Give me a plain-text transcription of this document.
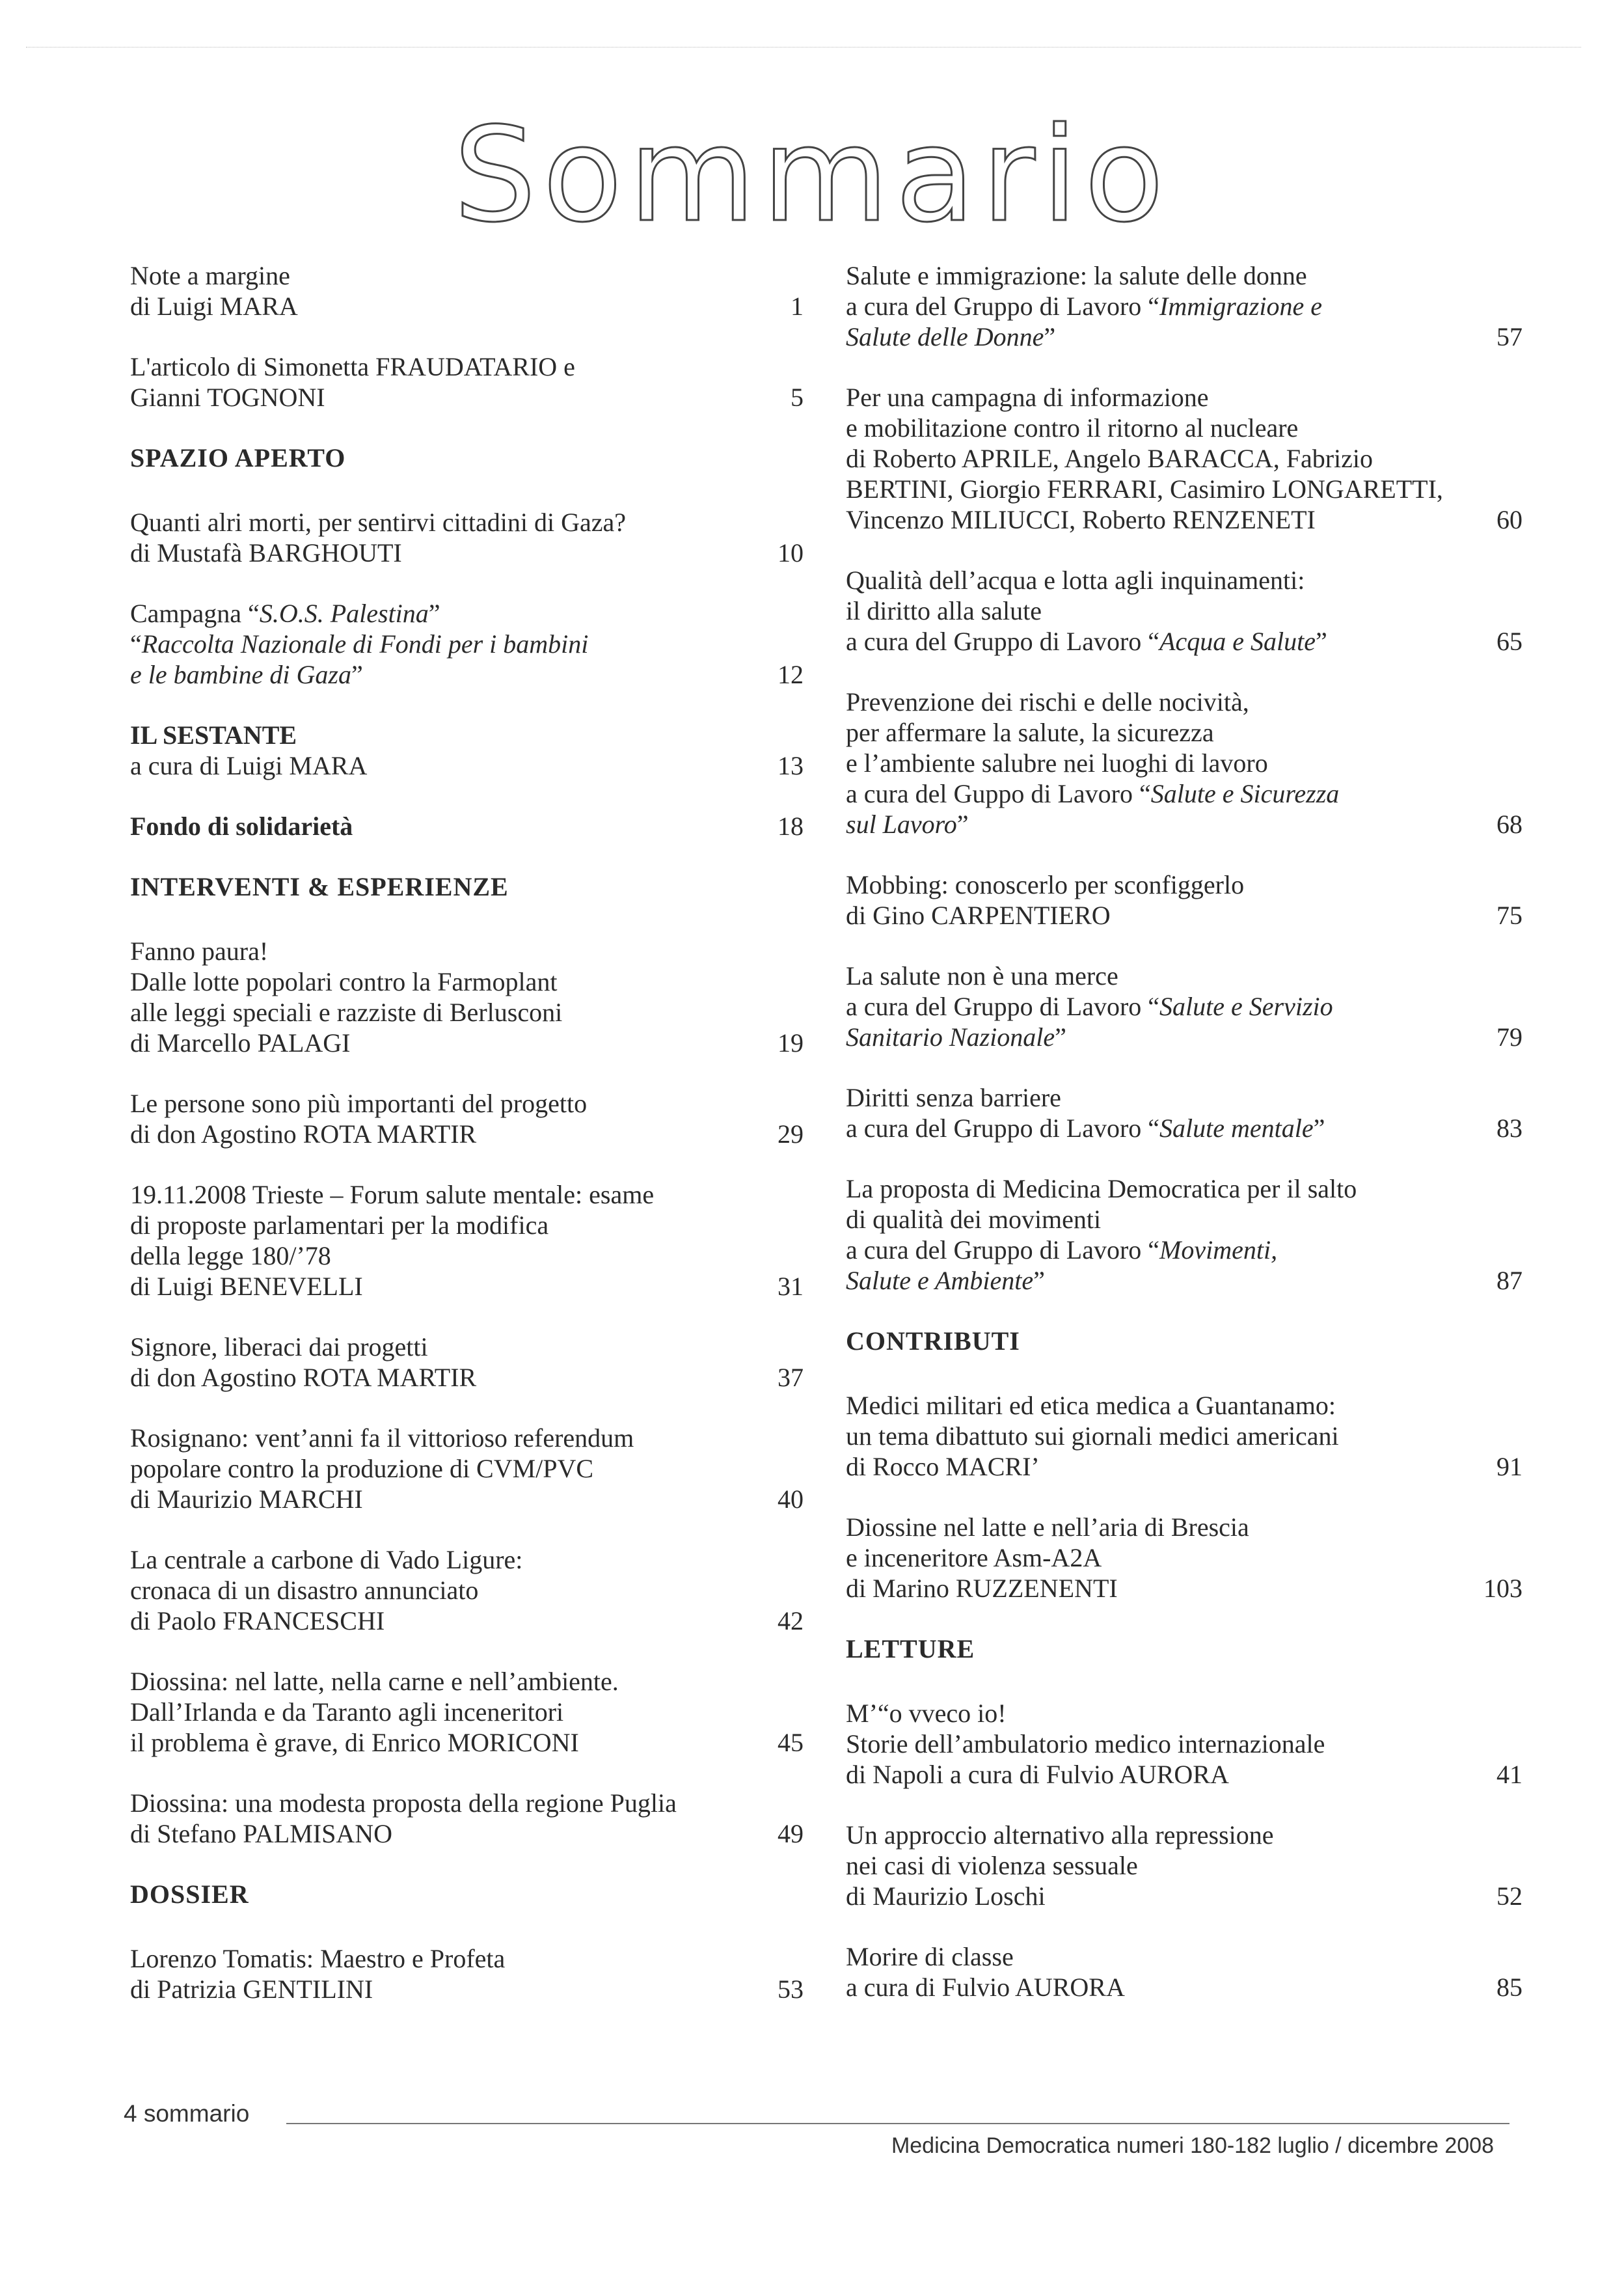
Sommario
Note a margine
di Luigi MARA	1
L'articolo di Simonetta FRAUDATARIO e
Gianni TOGNONI	5
SPAZIO APERTO
Quanti alri morti, per sentirvi cittadini di Gaza?
di Mustafà BARGHOUTI	10
Campagna “S.O.S. Palestina”
“Raccolta Nazionale di Fondi per i bambini
e le bambine di Gaza”	12
IL SESTANTE
a cura di Luigi MARA	13
Fondo di solidarietà	18
INTERVENTI & ESPERIENZE
Fanno paura!
Dalle lotte popolari contro la Farmoplant
alle leggi speciali e razziste di Berlusconi
di Marcello PALAGI	19
Le persone sono più importanti del progetto
di don Agostino ROTA MARTIR	29
19.11.2008 Trieste – Forum salute mentale: esame
di proposte parlamentari per la modifica
della legge 180/’78
di Luigi BENEVELLI	31
Signore, liberaci dai progetti
di don Agostino ROTA MARTIR	37
Rosignano: vent’anni fa il vittorioso referendum
popolare contro la produzione di CVM/PVC
di Maurizio MARCHI	40
La centrale a carbone di Vado Ligure:
cronaca di un disastro annunciato
di Paolo FRANCESCHI	42
Diossina: nel latte, nella carne e nell’ambiente.
Dall’Irlanda e da Taranto agli inceneritori
il problema è grave, di Enrico MORICONI	45
Diossina: una modesta proposta della regione Puglia
di Stefano PALMISANO	49
DOSSIER
Lorenzo Tomatis: Maestro e Profeta
di Patrizia GENTILINI	53
Salute e immigrazione: la salute delle donne
a cura del Gruppo di Lavoro “Immigrazione e
Salute delle Donne”	57
Per una campagna di informazione
e mobilitazione contro il ritorno al nucleare
di Roberto APRILE, Angelo BARACCA, Fabrizio
BERTINI, Giorgio FERRARI, Casimiro LONGARETTI,
Vincenzo MILIUCCI, Roberto RENZENETI	60
Qualità dell’acqua e lotta agli inquinamenti:
il diritto alla salute
a cura del Gruppo di Lavoro “Acqua e Salute”	65
Prevenzione dei rischi e delle nocività,
per affermare la salute, la sicurezza
e l’ambiente salubre nei luoghi di lavoro
a cura del Guppo di Lavoro “Salute e Sicurezza
sul Lavoro”	68
Mobbing: conoscerlo per sconfiggerlo
di Gino CARPENTIERO	75
La salute non è una merce
a cura del Gruppo di Lavoro “Salute e Servizio
Sanitario Nazionale”	79
Diritti senza barriere
a cura del Gruppo di Lavoro “Salute mentale”	83
La proposta di Medicina Democratica per il salto
di qualità dei movimenti
a cura del Gruppo di Lavoro “Movimenti,
Salute e Ambiente”	87
CONTRIBUTI
Medici militari ed etica medica a Guantanamo:
un tema dibattuto sui giornali medici americani
di Rocco MACRI’	91
Diossine nel latte e nell’aria di Brescia
e inceneritore Asm-A2A
di Marino RUZZENENTI	103
LETTURE
M’“o vveco io!
Storie dell’ambulatorio medico internazionale
di Napoli a cura di Fulvio AURORA	41
Un approccio alternativo alla repressione
nei casi di violenza sessuale
di Maurizio Loschi	52
Morire di classe
a cura di Fulvio AURORA	85
4 sommario
Medicina Democratica numeri 180-182 luglio / dicembre 2008
